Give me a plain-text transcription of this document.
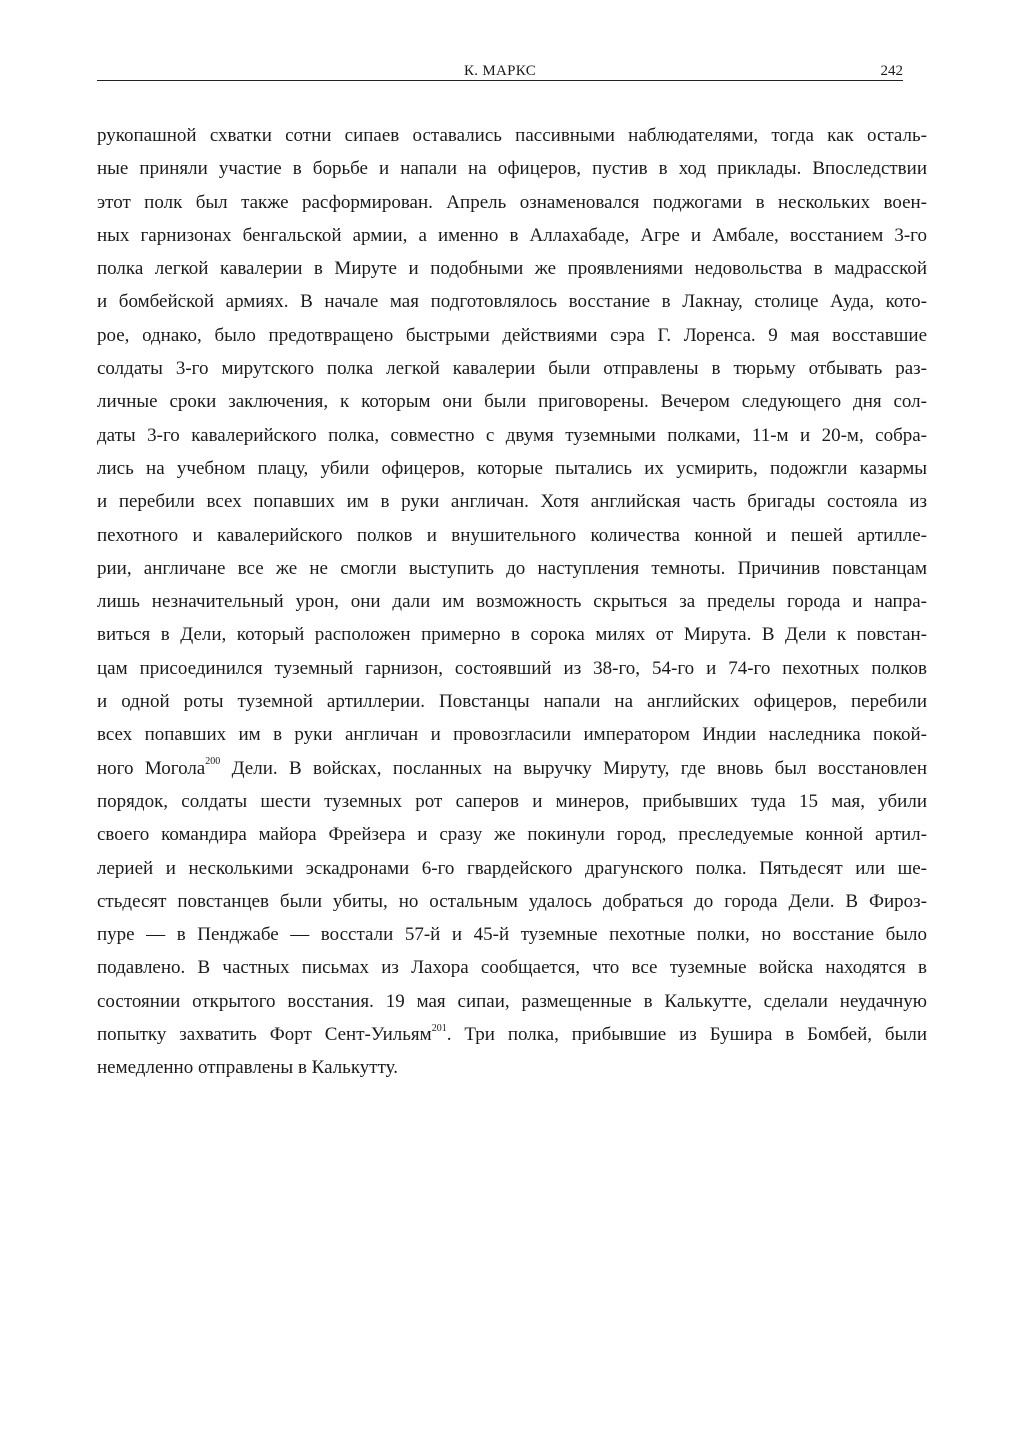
К. МАРКС	242
рукопашной схватки сотни сипаев оставались пассивными наблюдателями, тогда как осталь-
ные приняли участие в борьбе и напали на офицеров, пустив в ход приклады. Впоследствии
этот полк был также расформирован. Апрель ознаменовался поджогами в нескольких воен-
ных гарнизонах бенгальской армии, а именно в Аллахабаде, Агре и Амбале, восстанием 3-го
полка легкой кавалерии в Мируте и подобными же проявлениями недовольства в мадрасской
и бомбейской армиях. В начале мая подготовлялось восстание в Лакнау, столице Ауда, кото-
рое, однако, было предотвращено быстрыми действиями сэра Г. Лоренса. 9 мая восставшие
солдаты 3-го мирутского полка легкой кавалерии были отправлены в тюрьму отбывать раз-
личные сроки заключения, к которым они были приговорены. Вечером следующего дня сол-
даты 3-го кавалерийского полка, совместно с двумя туземными полками, 11-м и 20-м, собра-
лись на учебном плацу, убили офицеров, которые пытались их усмирить, подожгли казармы
и перебили всех попавших им в руки англичан. Хотя английская часть бригады состояла из
пехотного и кавалерийского полков и внушительного количества конной и пешей артилле-
рии, англичане все же не смогли выступить до наступления темноты. Причинив повстанцам
лишь незначительный урон, они дали им возможность скрыться за пределы города и напра-
виться в Дели, который расположен примерно в сорока милях от Мирута. В Дели к повстан-
цам присоединился туземный гарнизон, состоявший из 38-го, 54-го и 74-го пехотных полков
и одной роты туземной артиллерии. Повстанцы напали на английских офицеров, перебили
всех попавших им в руки англичан и провозгласили императором Индии наследника покой-
ного Могола$^{200}$ Дели. В войсках, посланных на выручку Мируту, где вновь был восстановлен
порядок, солдаты шести туземных рот саперов и минеров, прибывших туда 15 мая, убили
своего командира майора Фрейзера и сразу же покинули город, преследуемые конной артил-
лерией и несколькими эскадронами 6-го гвардейского драгунского полка. Пятьдесят или ше-
стьдесят повстанцев были убиты, но остальным удалось добраться до города Дели. В Фироз-
пуре — в Пенджабе — восстали 57-й и 45-й туземные пехотные полки, но восстание было
подавлено. В частных письмах из Лахора сообщается, что все туземные войска находятся в
состоянии открытого восстания. 19 мая сипаи, размещенные в Калькутте, сделали неудачную
попытку захватить Форт Сент-Уильям$^{201}$. Три полка, прибывшие из Бушира в Бомбей, были
немедленно отправлены в Калькутту.
